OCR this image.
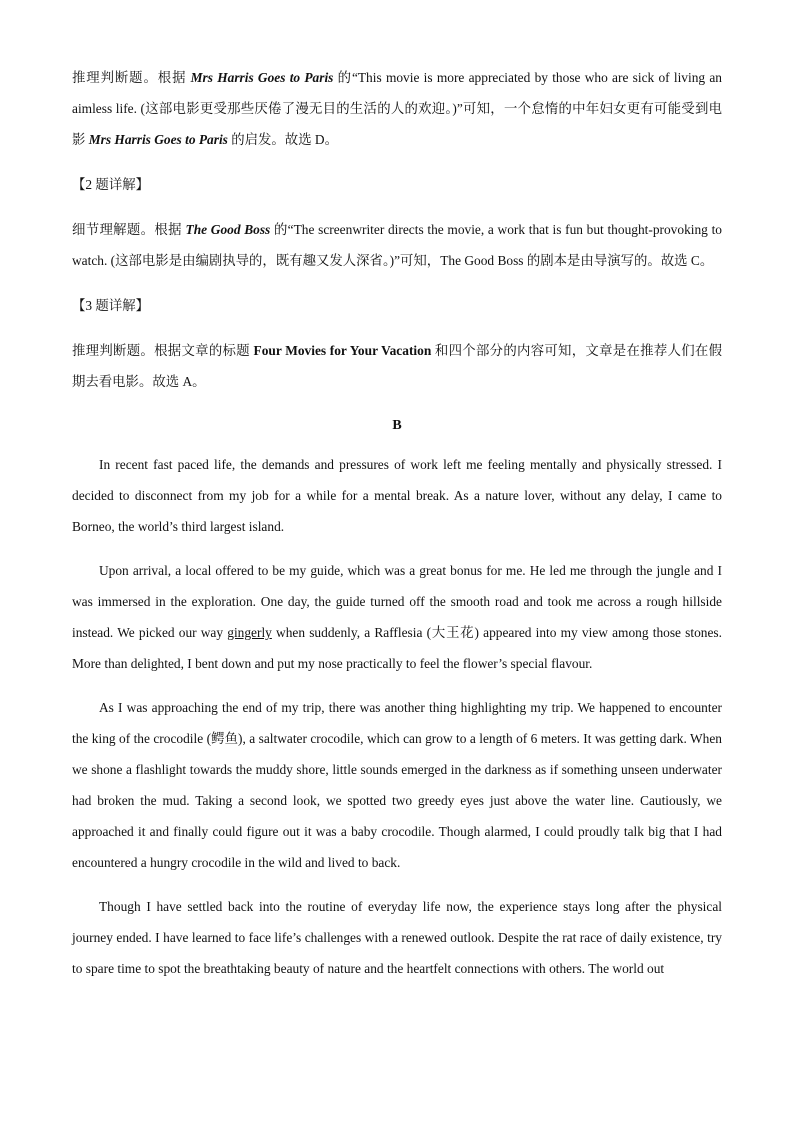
推理判断题。根据 Mrs Harris Goes to Paris 的“This movie is more appreciated by those who are sick of living an aimless life. (这部电影更受那些厌倦了漫无目的生活的人的欢迎。)”可知，一个怠惰的中年妇女更有可能受到电影 Mrs Harris Goes to Paris 的启发。故选 D。

【2 题详解】

细节理解题。根据 The Good Boss 的“The screenwriter directs the movie, a work that is fun but thought-provoking to watch. (这部电影是由编剧执导的，既有趣又发人深省。)”可知，The Good Boss 的剧本是由导演写的。故选 C。

【3 题详解】

推理判断题。根据文章的标题 Four Movies for Your Vacation 和四个部分的内容可知，文章是在推荐人们在假期去看电影。故选 A。

B

In recent fast paced life, the demands and pressures of work left me feeling mentally and physically stressed. I decided to disconnect from my job for a while for a mental break. As a nature lover, without any delay, I came to Borneo, the world’s third largest island.

Upon arrival, a local offered to be my guide, which was a great bonus for me. He led me through the jungle and I was immersed in the exploration. One day, the guide turned off the smooth road and took me across a rough hillside instead. We picked our way gingerly when suddenly, a Rafflesia (大王花) appeared into my view among those stones. More than delighted, I bent down and put my nose practically to feel the flower’s special flavour.

As I was approaching the end of my trip, there was another thing highlighting my trip. We happened to encounter the king of the crocodile (鳄鱼), a saltwater crocodile, which can grow to a length of 6 meters. It was getting dark. When we shone a flashlight towards the muddy shore, little sounds emerged in the darkness as if something unseen underwater had broken the mud. Taking a second look, we spotted two greedy eyes just above the water line. Cautiously, we approached it and finally could figure out it was a baby crocodile. Though alarmed, I could proudly talk big that I had encountered a hungry crocodile in the wild and lived to back.

Though I have settled back into the routine of everyday life now, the experience stays long after the physical journey ended. I have learned to face life’s challenges with a renewed outlook. Despite the rat race of daily existence, try to spare time to spot the breathtaking beauty of nature and the heartfelt connections with others. The world out
